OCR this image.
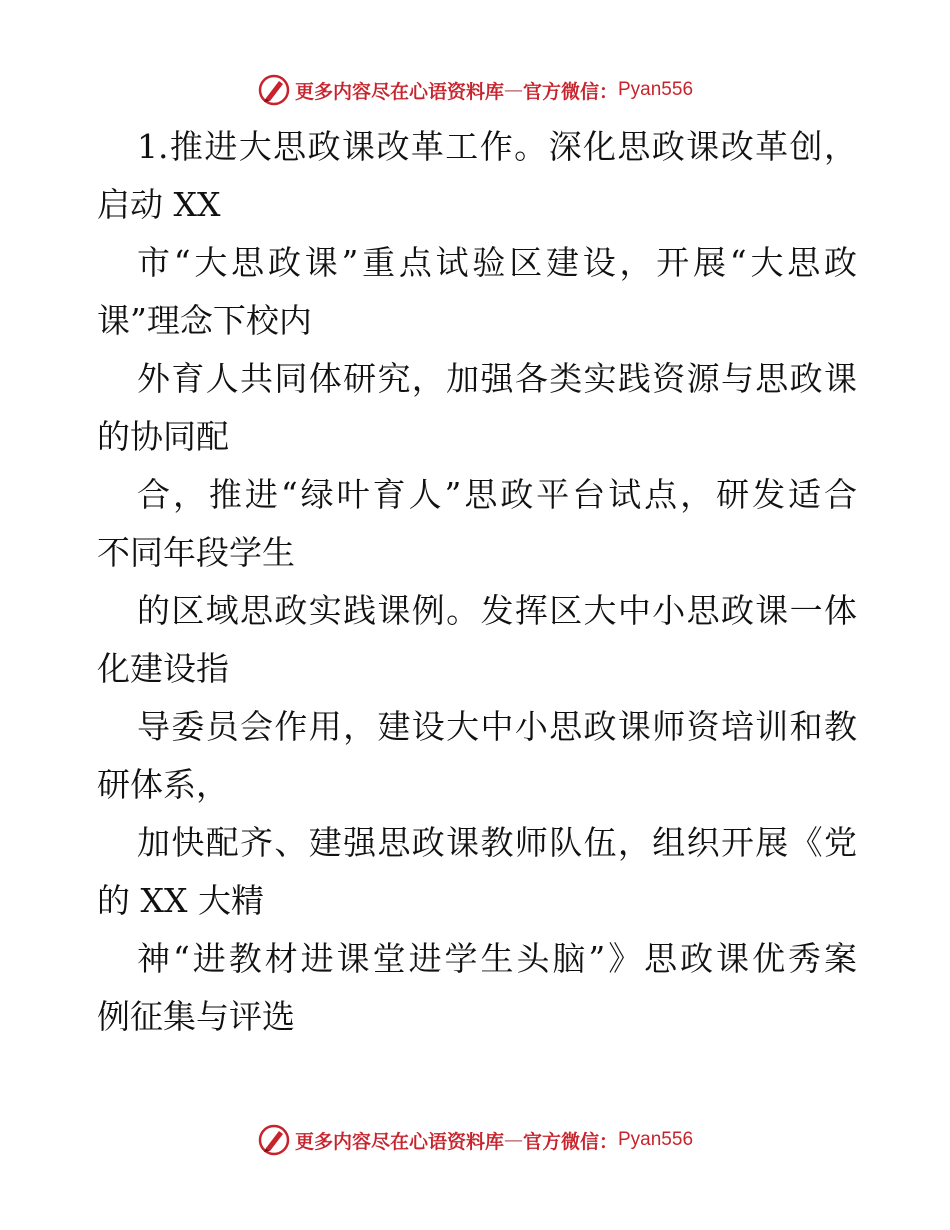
更多内容尽在心语资料库 — 官方微信： Pyan556
1.推进大思政课改革工作。深化思政课改革创，
启动 XX
市“大思政课”重点试验区建设，开展“大思政
课”理念下校内
外育人共同体研究，加强各类实践资源与思政课
的协同配
合，推进“绿叶育人”思政平台试点，研发适合
不同年段学生
的区域思政实践课例。发挥区大中小思政课一体
化建设指
导委员会作用，建设大中小思政课师资培训和教
研体系，
加快配齐、建强思政课教师队伍，组织开展《党
的 XX 大精
神“进教材进课堂进学生头脑”》思政课优秀案
例征集与评选
更多内容尽在心语资料库 — 官方微信： Pyan556
